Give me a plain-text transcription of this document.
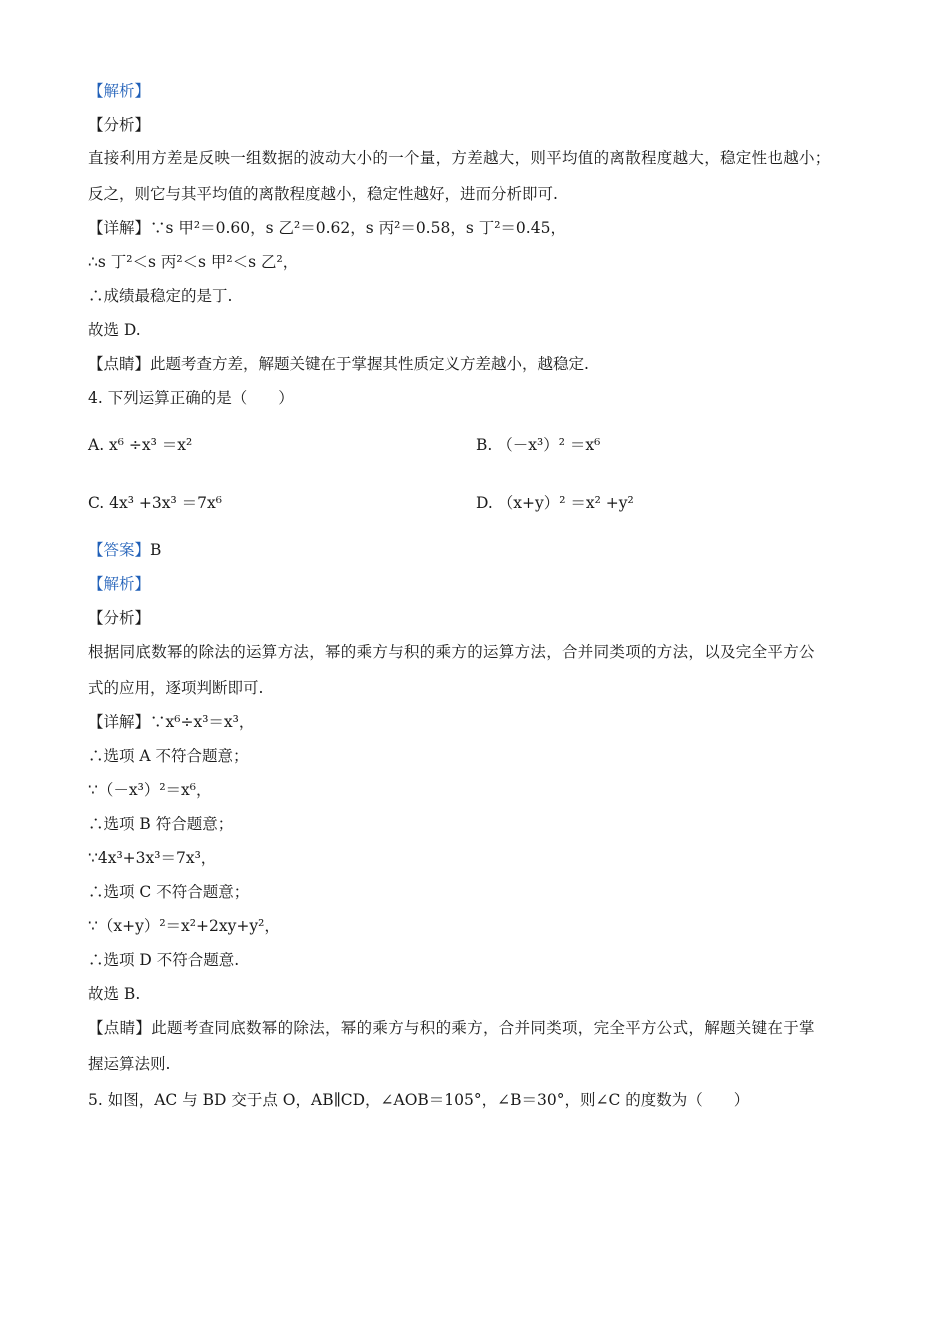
【解析】
【分析】
直接利用方差是反映一组数据的波动大小的一个量，方差越大，则平均值的离散程度越大，稳定性也越小；
反之，则它与其平均值的离散程度越小，稳定性越好，进而分析即可.
【详解】∵s 甲²＝0.60，s 乙²＝0.62，s 丙²＝0.58，s 丁²＝0.45，
∴s 丁²＜s 丙²＜s 甲²＜s 乙²，
∴成绩最稳定的是丁.
故选 D.
【点睛】此题考查方差，解题关键在于掌握其性质定义方差越小，越稳定.
4. 下列运算正确的是（　　）
A. x⁶ ÷x³ ＝x²	B. （－x³）² ＝x⁶
C. 4x³ +3x³ ＝7x⁶	D. （x+y）² ＝x² +y²
【答案】B
【解析】
【分析】
根据同底数幂的除法的运算方法，幂的乘方与积的乘方的运算方法，合并同类项的方法，以及完全平方公
式的应用，逐项判断即可.
【详解】∵x⁶÷x³＝x³，
∴选项 A 不符合题意；
∵（－x³）²＝x⁶，
∴选项 B 符合题意；
∵4x³+3x³＝7x³，
∴选项 C 不符合题意；
∵（x+y）²＝x²+2xy+y²，
∴选项 D 不符合题意.
故选 B.
【点睛】此题考查同底数幂的除法，幂的乘方与积的乘方，合并同类项，完全平方公式，解题关键在于掌
握运算法则.
5. 如图，AC 与 BD 交于点 O，AB∥CD，∠AOB＝105°，∠B＝30°，则∠C 的度数为（　　）
